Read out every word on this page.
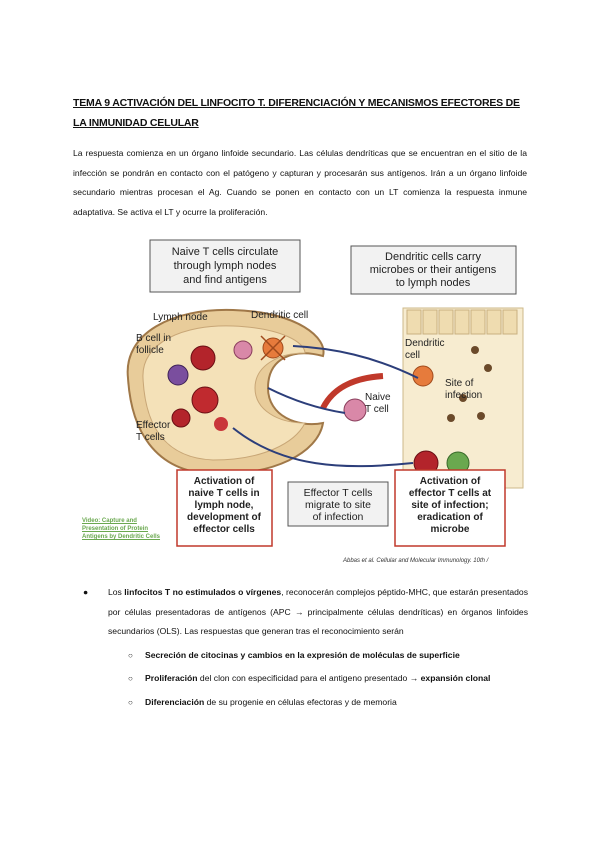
TEMA 9 ACTIVACIÓN DEL LINFOCITO T. DIFERENCIACIÓN Y MECANISMOS EFECTORES DE LA INMUNIDAD CELULAR
La respuesta comienza en un órgano linfoide secundario. Las células dendríticas que se encuentran en el sitio de la infección se pondrán en contacto con el patógeno y capturan y procesarán sus antígenos. Irán a un órgano linfoide secundario mientras procesan el Ag. Cuando se ponen en contacto con un LT comienza la respuesta inmune adaptativa. Se activa el LT y ocurre la proliferación.
Naive T cells circulate
through lymph nodes
and find antigens
Dendritic cells carry
microbes or their antigens
to lymph nodes
Lymph node	Dendritic cell
B cell in
follicle
Effector
T cells
Dendritic
cell
Site of
infection
Naive
T cell
Activation of
naive T cells in
lymph node,
development of
effector cells
Effector T cells
migrate to site
of infection
Activation of
effector T cells at
site of infection;
eradication of
microbe
Video: Capture and Presentation of Protein Antigens by Dendritic Cells
Abbas et al. Cellular and Molecular Immunology. 10th /
● Los linfocitos T no estimulados o vírgenes, reconocerán complejos péptido-MHC, que estarán presentados por células presentadoras de antígenos (APC → principalmente células dendríticas) en órganos linfoides secundarios (OLS). Las respuestas que generan tras el reconocimiento serán
○ Secreción de citocinas y cambios en la expresión de moléculas de superficie
○ Proliferación del clon con especificidad para el antigeno presentado → expansión clonal
○ Diferenciación de su progenie en células efectoras y de memoria
